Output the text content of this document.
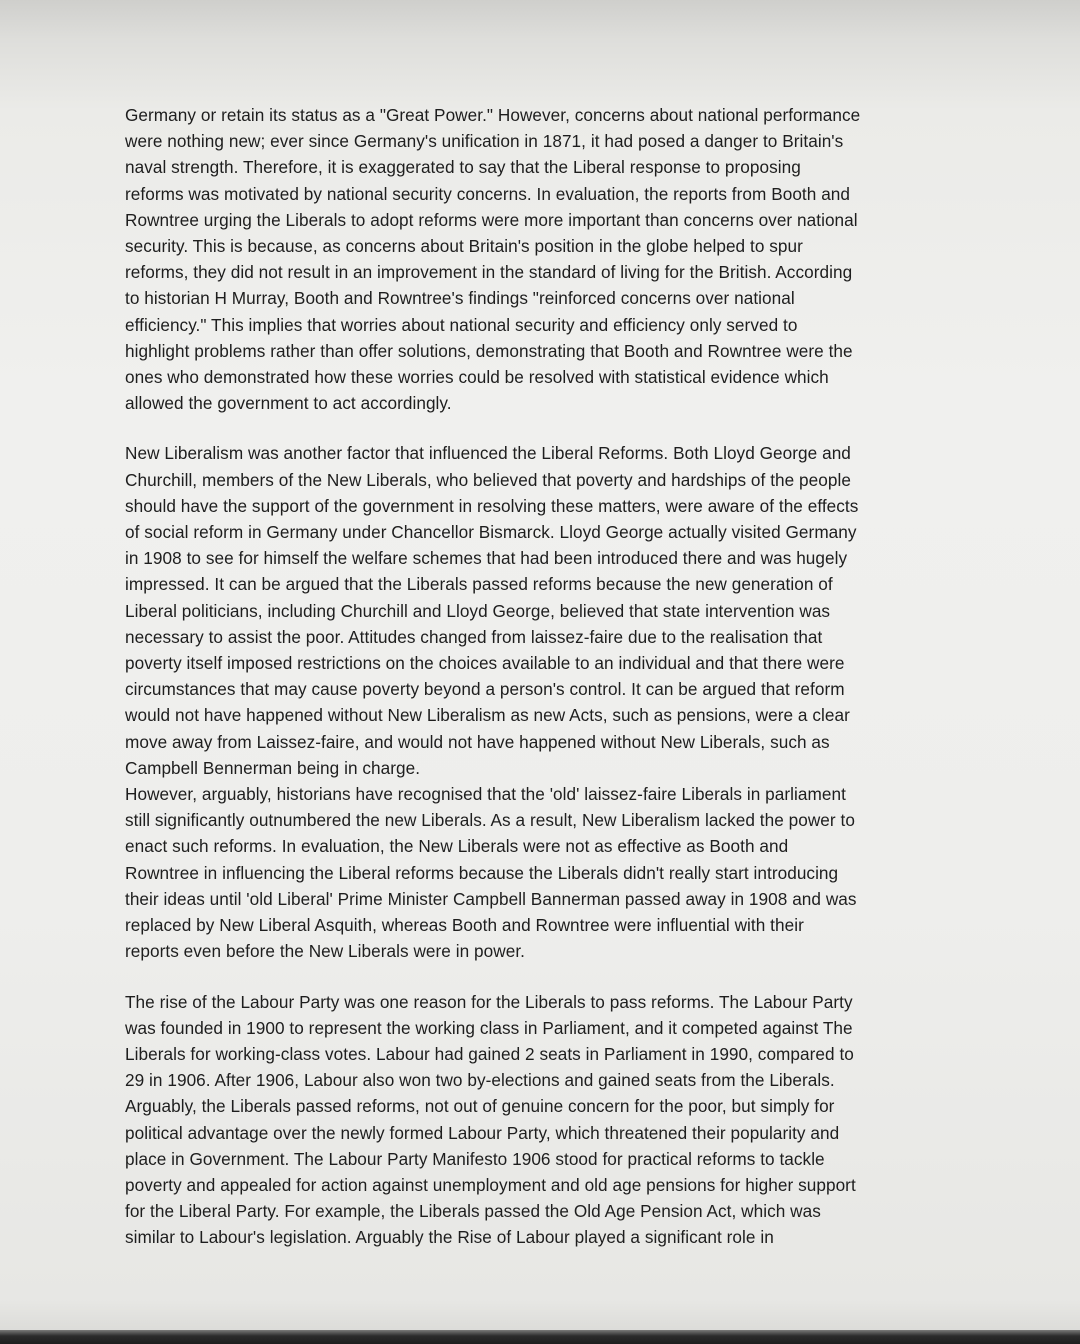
Germany or retain its status as a "Great Power." However, concerns about national performance
were nothing new; ever since Germany's unification in 1871, it had posed a danger to Britain's
naval strength. Therefore, it is exaggerated to say that the Liberal response to proposing
reforms was motivated by national security concerns. In evaluation, the reports from Booth and
Rowntree urging the Liberals to adopt reforms were more important than concerns over national
security. This is because, as concerns about Britain's position in the globe helped to spur
reforms, they did not result in an improvement in the standard of living for the British. According
to historian H Murray, Booth and Rowntree's findings "reinforced concerns over national
efficiency." This implies that worries about national security and efficiency only served to
highlight problems rather than offer solutions, demonstrating that Booth and Rowntree were the
ones who demonstrated how these worries could be resolved with statistical evidence which
allowed the government to act accordingly.

New Liberalism was another factor that influenced the Liberal Reforms. Both Lloyd George and
Churchill, members of the New Liberals, who believed that poverty and hardships of the people
should have the support of the government in resolving these matters, were aware of the effects
of social reform in Germany under Chancellor Bismarck. Lloyd George actually visited Germany
in 1908 to see for himself the welfare schemes that had been introduced there and was hugely
impressed. It can be argued that the Liberals passed reforms because the new generation of
Liberal politicians, including Churchill and Lloyd George, believed that state intervention was
necessary to assist the poor. Attitudes changed from laissez-faire due to the realisation that
poverty itself imposed restrictions on the choices available to an individual and that there were
circumstances that may cause poverty beyond a person's control. It can be argued that reform
would not have happened without New Liberalism as new Acts, such as pensions, were a clear
move away from Laissez-faire, and would not have happened without New Liberals, such as
Campbell Bennerman being in charge.

However, arguably, historians have recognised that the 'old' laissez-faire Liberals in parliament
still significantly outnumbered the new Liberals. As a result, New Liberalism lacked the power to
enact such reforms. In evaluation, the New Liberals were not as effective as Booth and
Rowntree in influencing the Liberal reforms because the Liberals didn't really start introducing
their ideas until 'old Liberal' Prime Minister Campbell Bannerman passed away in 1908 and was
replaced by New Liberal Asquith, whereas Booth and Rowntree were influential with their
reports even before the New Liberals were in power.

The rise of the Labour Party was one reason for the Liberals to pass reforms. The Labour Party
was founded in 1900 to represent the working class in Parliament, and it competed against The
Liberals for working-class votes. Labour had gained 2 seats in Parliament in 1990, compared to
29 in 1906. After 1906, Labour also won two by-elections and gained seats from the Liberals.
Arguably, the Liberals passed reforms, not out of genuine concern for the poor, but simply for
political advantage over the newly formed Labour Party, which threatened their popularity and
place in Government. The Labour Party Manifesto 1906 stood for practical reforms to tackle
poverty and appealed for action against unemployment and old age pensions for higher support
for the Liberal Party. For example, the Liberals passed the Old Age Pension Act, which was
similar to Labour's legislation. Arguably the Rise of Labour played a significant role in
